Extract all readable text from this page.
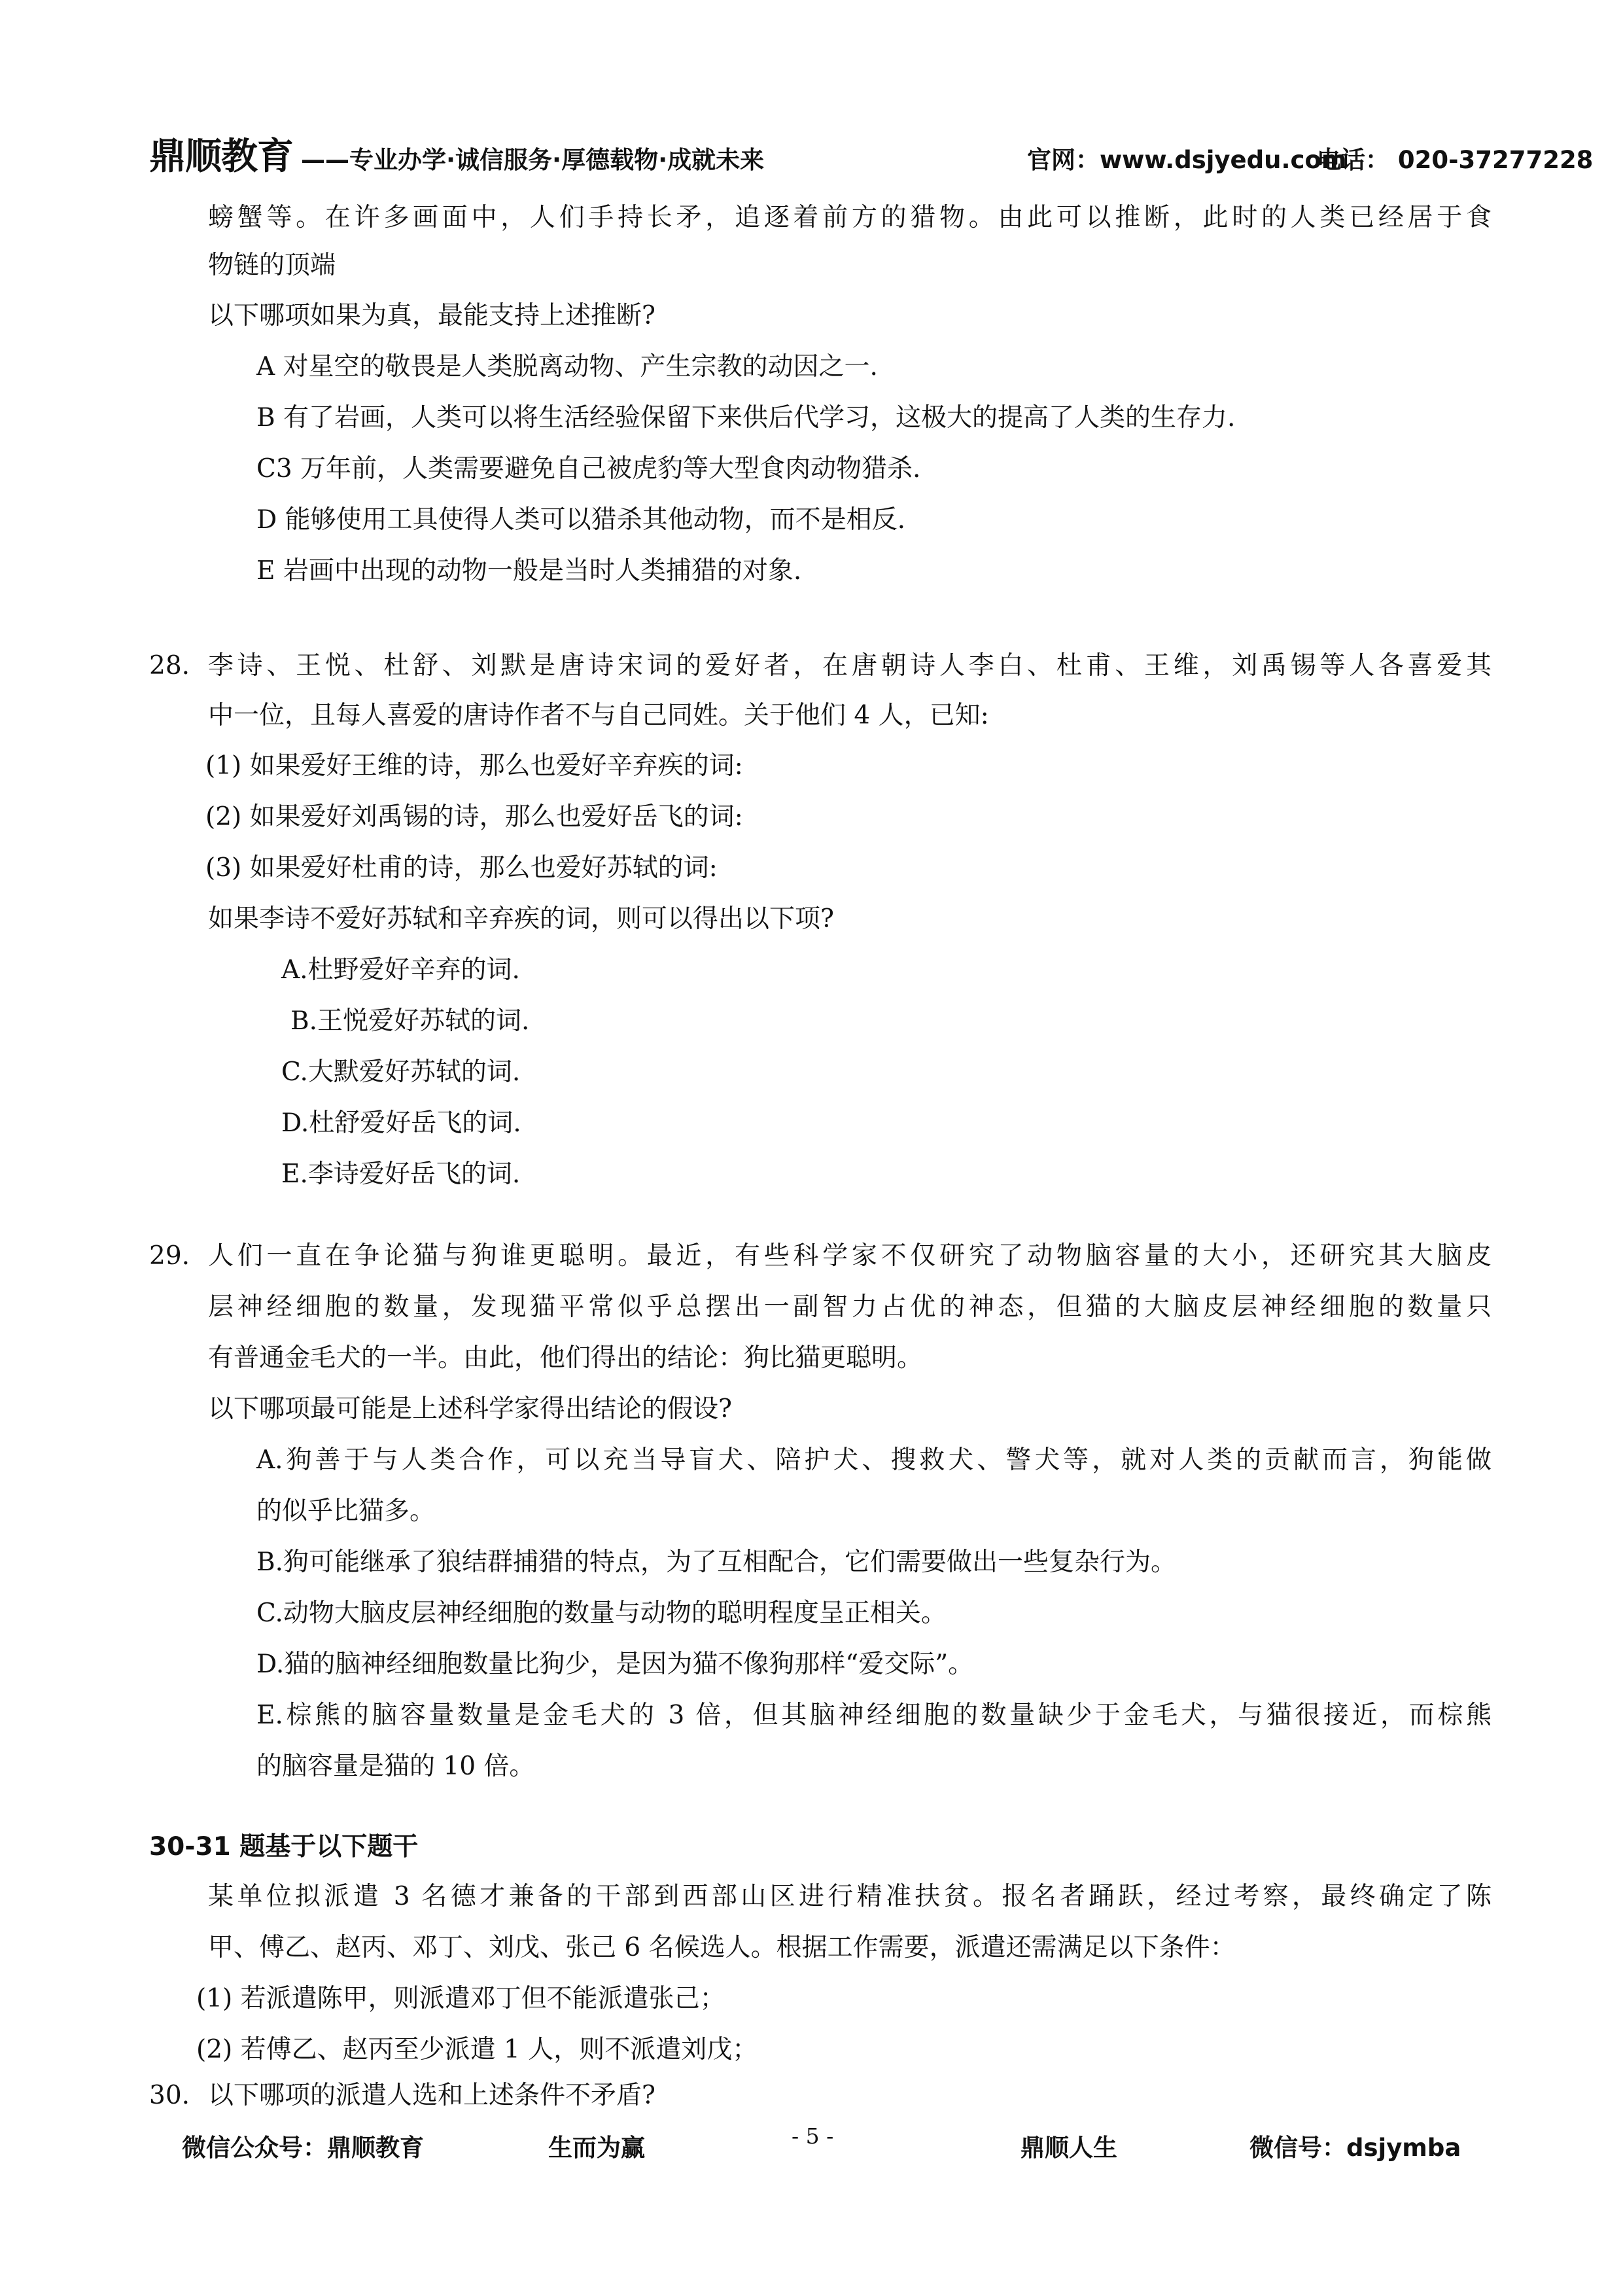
鼎顺教育 ——专业办学·诚信服务·厚德载物·成就未来	官网：www.dsjyedu.com
电话： 020-37277228
螃蟹等。在许多画面中，人们手持长矛，追逐着前方的猎物。由此可以推断，此时的人类已经居于食
物链的顶端
以下哪项如果为真，最能支持上述推断?
A 对星空的敬畏是人类脱离动物、产生宗教的动因之一.
B 有了岩画，人类可以将生活经验保留下来供后代学习，这极大的提高了人类的生存力.
C3 万年前，人类需要避免自己被虎豹等大型食肉动物猎杀.
D 能够使用工具使得人类可以猎杀其他动物，而不是相反.
E 岩画中出现的动物一般是当时人类捕猎的对象.
28. 李诗、王悦、杜舒、刘默是唐诗宋词的爱好者，在唐朝诗人李白、杜甫、王维，刘禹锡等人各喜爱其
中一位，且每人喜爱的唐诗作者不与自己同姓。关于他们 4 人，已知:
(1) 如果爱好王维的诗，那么也爱好辛弃疾的词:
(2) 如果爱好刘禹锡的诗，那么也爱好岳飞的词:
(3) 如果爱好杜甫的诗，那么也爱好苏轼的词:
如果李诗不爱好苏轼和辛弃疾的词，则可以得出以下项?
A.杜野爱好辛弃的词.
B.王悦爱好苏轼的词.
C.大默爱好苏轼的词.
D.杜舒爱好岳飞的词.
E.李诗爱好岳飞的词.
29. 人们一直在争论猫与狗谁更聪明。最近，有些科学家不仅研究了动物脑容量的大小，还研究其大脑皮
层神经细胞的数量，发现猫平常似乎总摆出一副智力占优的神态，但猫的大脑皮层神经细胞的数量只
有普通金毛犬的一半。由此，他们得出的结论：狗比猫更聪明。
以下哪项最可能是上述科学家得出结论的假设?
A.狗善于与人类合作，可以充当导盲犬、陪护犬、搜救犬、警犬等，就对人类的贡献而言，狗能做
的似乎比猫多。
B.狗可能继承了狼结群捕猎的特点，为了互相配合，它们需要做出一些复杂行为。
C.动物大脑皮层神经细胞的数量与动物的聪明程度呈正相关。
D.猫的脑神经细胞数量比狗少，是因为猫不像狗那样“爱交际”。
E.棕熊的脑容量数量是金毛犬的 3 倍，但其脑神经细胞的数量缺少于金毛犬，与猫很接近，而棕熊
的脑容量是猫的 10 倍。
30-31 题基于以下题干
某单位拟派遣 3 名德才兼备的干部到西部山区进行精准扶贫。报名者踊跃，经过考察，最终确定了陈
甲、傅乙、赵丙、邓丁、刘戊、张己 6 名候选人。根据工作需要，派遣还需满足以下条件：
(1) 若派遣陈甲，则派遣邓丁但不能派遣张己；
(2) 若傅乙、赵丙至少派遣 1 人，则不派遣刘戊；
30. 以下哪项的派遣人选和上述条件不矛盾?
微信公众号：鼎顺教育	生而为赢	- 5 -	鼎顺人生	微信号：dsjymba
